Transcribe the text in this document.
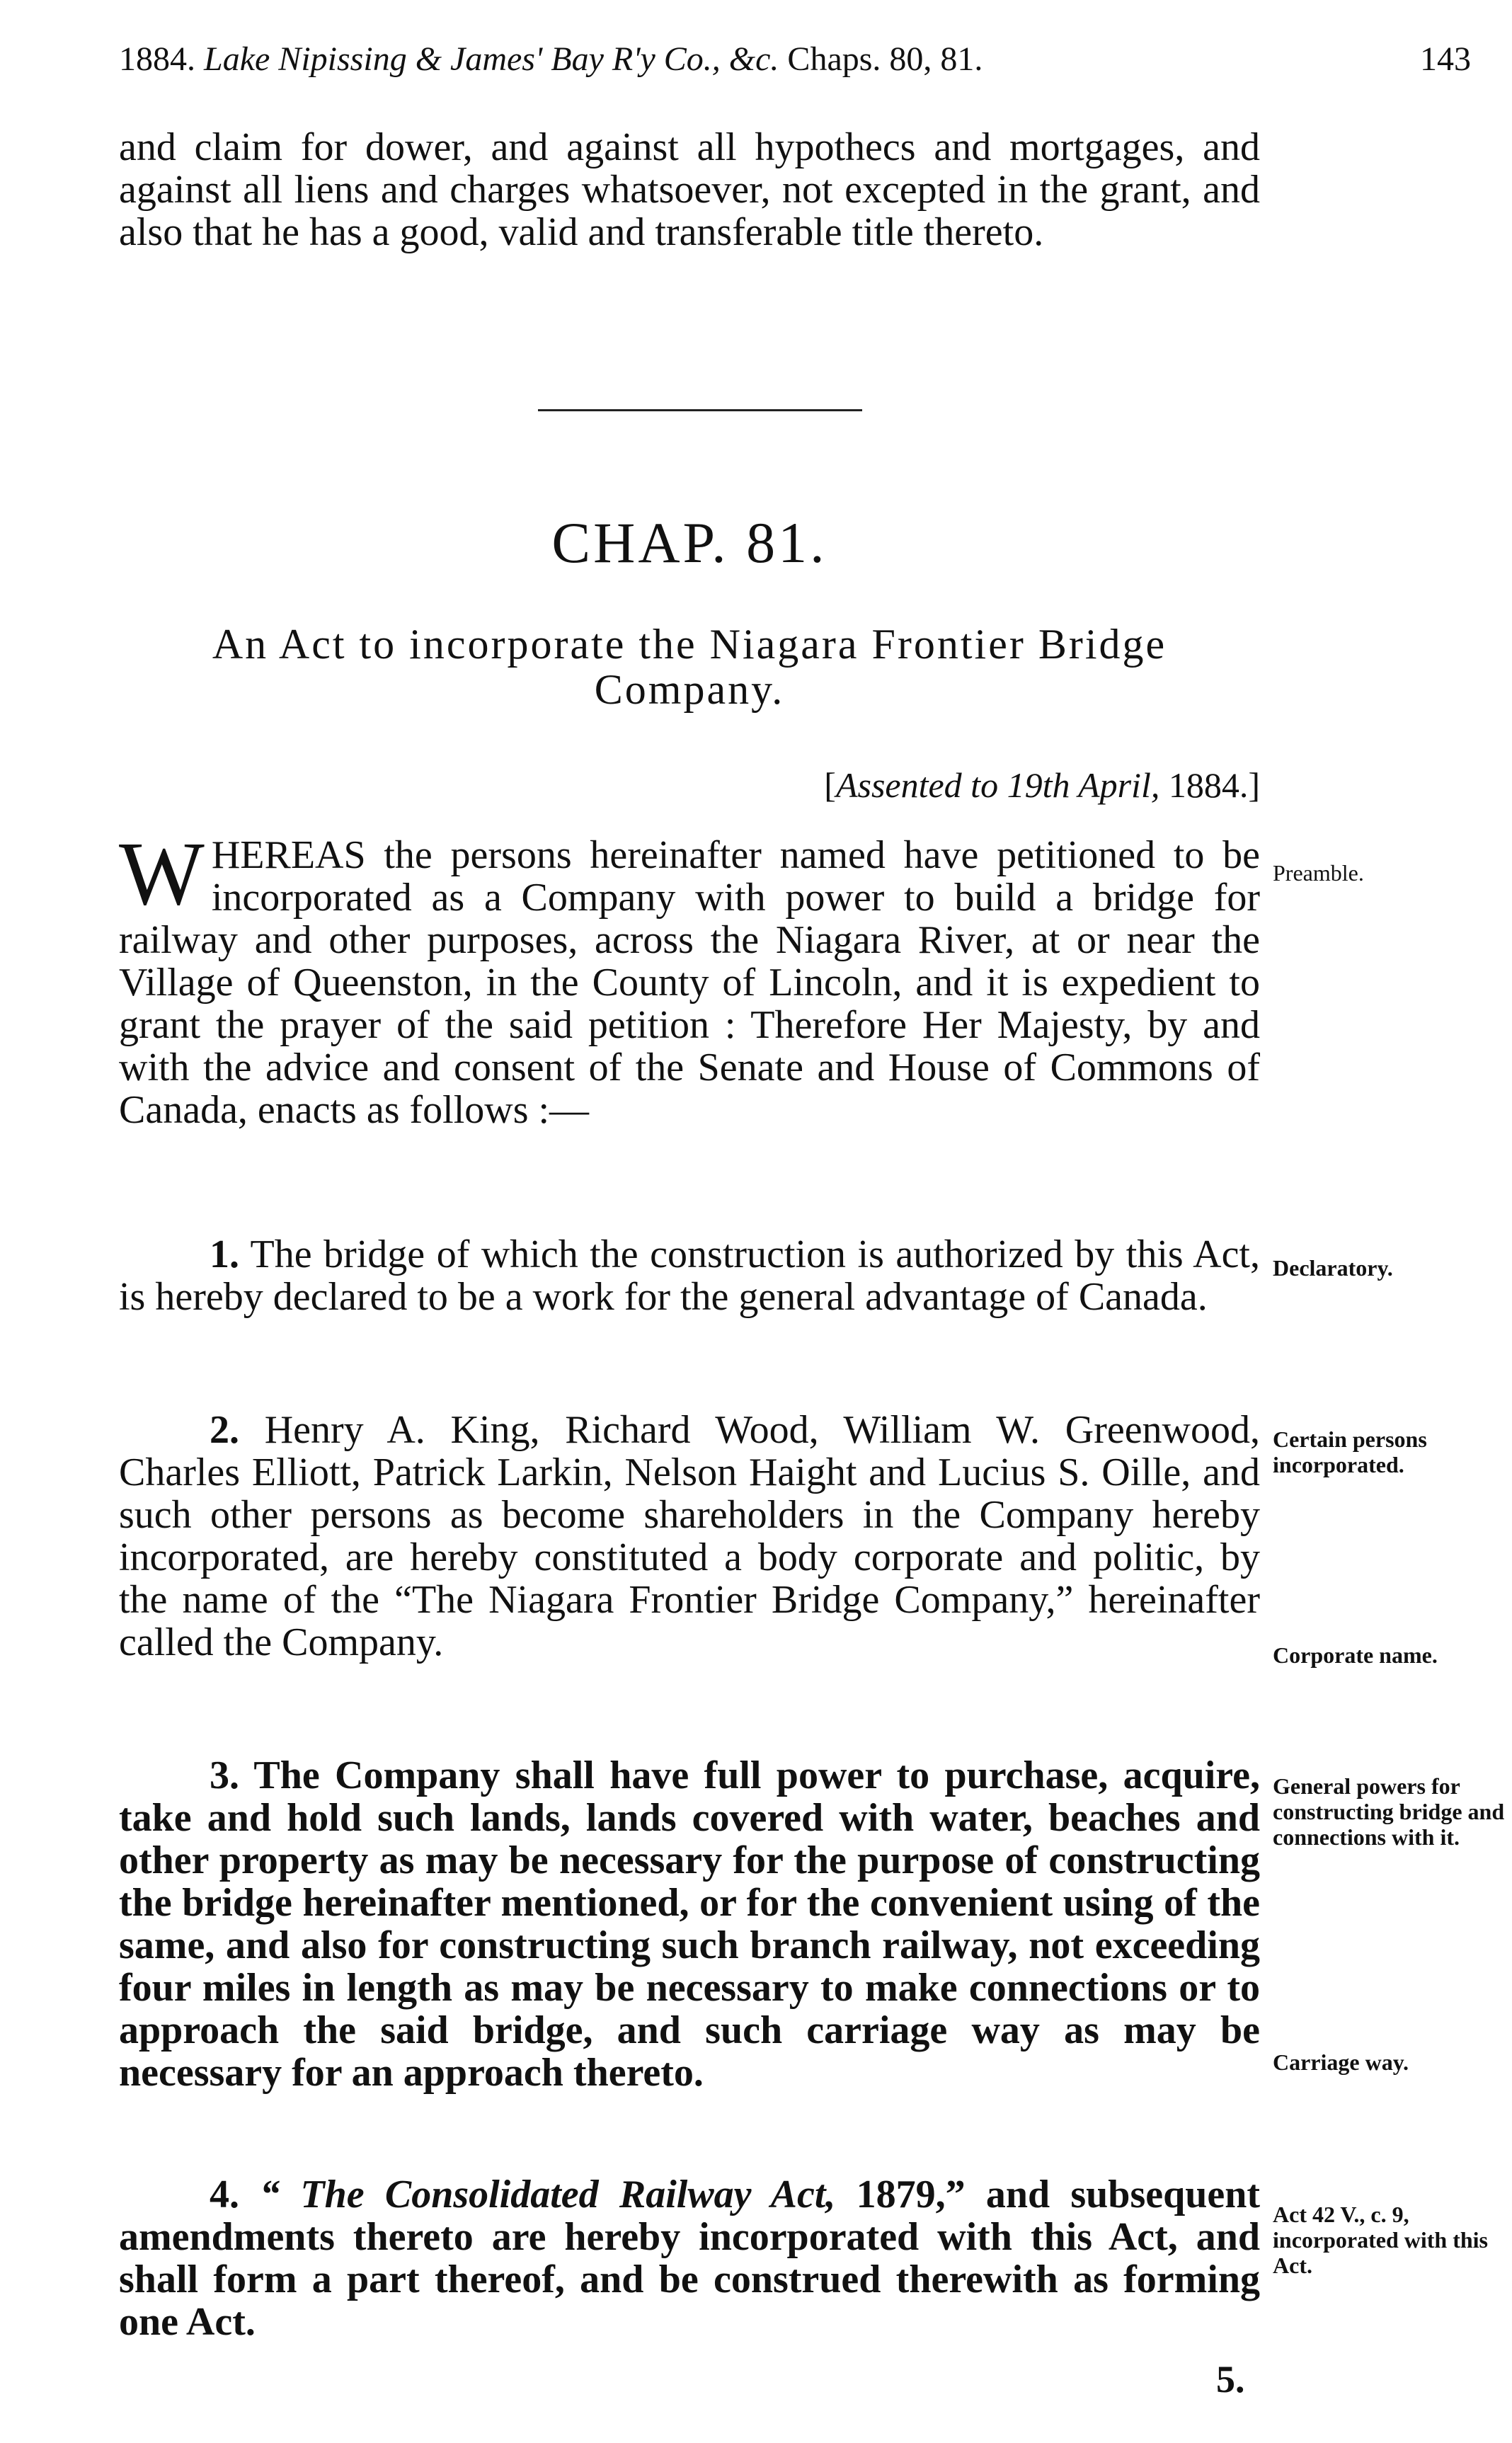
1884. Lake Nipissing & James' Bay R'y Co., &c. Chaps. 80, 81.	143

and claim for dower, and against all hypothecs and mortgages, and against all liens and charges whatsoever, not excepted in the grant, and also that he has a good, valid and transferable title thereto.

CHAP. 81.
An Act to incorporate the Niagara Frontier Bridge Company.
[Assented to 19th April, 1884.]
WHEREAS the persons hereinafter named have petitioned to be incorporated as a Company with power to build a bridge for railway and other purposes, across the Niagara River, at or near the Village of Queenston, in the County of Lincoln, and it is expedient to grant the prayer of the said petition : Therefore Her Majesty, by and with the advice and consent of the Senate and House of Commons of Canada, enacts as follows :—
1. The bridge of which the construction is authorized by this Act, is hereby declared to be a work for the general advantage of Canada.
2. Henry A. King, Richard Wood, William W. Greenwood, Charles Elliott, Patrick Larkin, Nelson Haight and Lucius S. Oille, and such other persons as become shareholders in the Company hereby incorporated, are hereby constituted a body corporate and politic, by the name of the “The Niagara Frontier Bridge Company,” hereinafter called the Company.
3. The Company shall have full power to purchase, acquire, take and hold such lands, lands covered with water, beaches and other property as may be necessary for the purpose of constructing the bridge hereinafter mentioned, or for the convenient using of the same, and also for constructing such branch railway, not exceeding four miles in length as may be necessary to make connections or to approach the said bridge, and such carriage way as may be necessary for an approach thereto.
4. “ The Consolidated Railway Act, 1879,” and subsequent amendments thereto are hereby incorporated with this Act, and shall form a part thereof, and be construed therewith as forming one Act.
Preamble.
Declaratory.
Certain persons incorporated.
Corporate name.
General powers for constructing bridge and connections with it.
Carriage way.
Act 42 V., c. 9, incorporated with this Act.
5.
